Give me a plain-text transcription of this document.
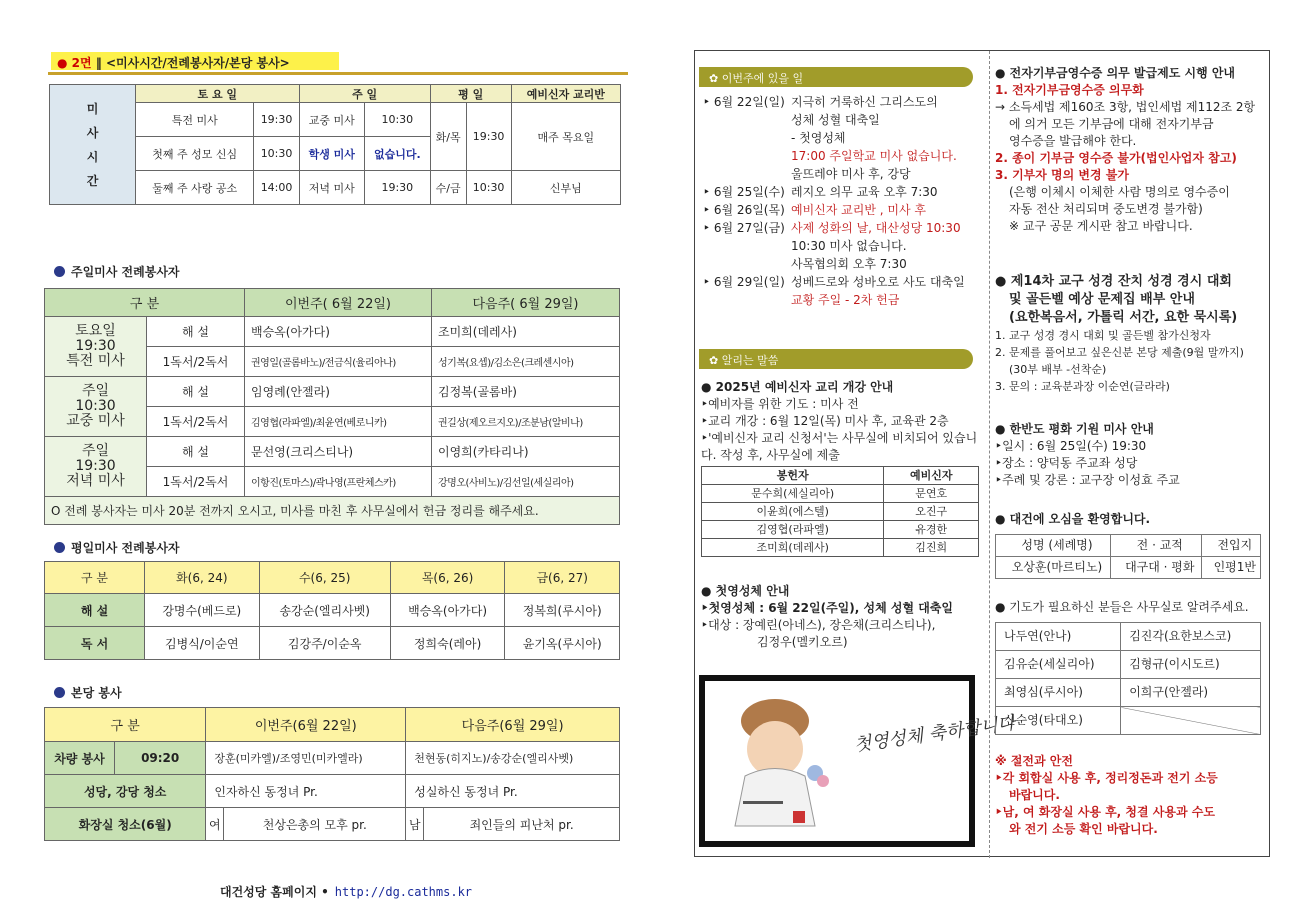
● 2면 ‖ <미사시간/전례봉사자/본당 봉사>
미
사
시
간	토 요 일		주 일		평 일		예비신자 교리반
	특전 미사	19:30	교중 미사	10:30	화/목	19:30	매주 목요일
	첫째 주 성모 신심	10:30	학생 미사	없습니다.			
	둘째 주 사랑 공소	14:00	저녁 미사	19:30	수/금	10:30	신부님
주일미사 전례봉사자
구 분		이번주( 6월 22일)	다음주( 6월 29일)
토요일
19:30
특전 미사	해 설	백승옥(아가다)	조미희(데레사)
	1독서/2독서	권영일(골롬바노)/전금식(율리아나)	성기복(요셉)/김소은(크레센시아)
주일
10:30
교중 미사	해 설	임영례(안젤라)	김정복(골롬바)
	1독서/2독서	김영협(라파엘)/최윤연(베로니카)	권길상(제오르지오)/조분남(알비나)
주일
19:30
저녁 미사	해 설	문선영(크리스티나)	이영희(카타리나)
	1독서/2독서	이항진(토마스)/곽나영(프란체스카)	강명오(사비노)/김선일(세실리아)
O 전례 봉사자는 미사 20분 전까지 오시고, 미사를 마친 후 사무실에서 헌금 정리를 해주세요.			
평일미사 전례봉사자
구 분	화(6, 24)	수(6, 25)	목(6, 26)	금(6, 27)
해 설	강명수(베드로)	송강순(엘리사벳)	백승옥(아가다)	정복희(루시아)
독 서	김병식/이순연	김강주/이순옥	정희숙(레아)	윤기옥(루시아)
본당 봉사
구 분		이번주(6월 22일)		다음주(6월 29일)	
차량 봉사	09:20	장훈(미카엘)/조영민(미카엘라)		천현동(히지노)/송강순(엘리사벳)	
성당, 강당 청소		인자하신 동정녀 Pr.		성실하신 동정녀 Pr.	
화장실 청소(6월)		여	천상은총의 모후 pr.	남	죄인들의 피난처 pr.
대건성당 홈페이지 • http://dg.cathms.kr
✿ 이번주에 있을 일
‣ 6월 22일(일) 지극히 거룩하신 그리스도의
성체 성혈 대축일
- 첫영성체
17:00 주일학교 미사 없습니다.
울뜨레야 미사 후, 강당
‣ 6월 25일(수) 레지오 의무 교육 오후 7:30
‣ 6월 26일(목) 예비신자 교리반 , 미사 후
‣ 6월 27일(금) 사제 성화의 날, 대산성당 10:30
10:30 미사 없습니다.
사목협의회 오후 7:30
‣ 6월 29일(일) 성베드로와 성바오로 사도 대축일
교황 주일 - 2차 헌금
✿ 알리는 말씀
● 2025년 예비신자 교리 개강 안내
‣예비자를 위한 기도 : 미사 전
‣교리 개강 : 6월 12일(목) 미사 후, 교육관 2층
‣'예비신자 교리 신청서'는 사무실에 비치되어 있습니다. 작성 후, 사무실에 제출
봉헌자	예비신자
문수희(세실리아)	문연호
이윤희(에스텔)	오진구
김영협(라파엘)	유경한
조미희(데레사)	김진희
● 첫영성체 안내
‣첫영성체 : 6월 22일(주일), 성체 성혈 대축일
‣대상 : 장예린(아네스), 장은채(크리스티나),
김정우(멜키오르)
첫영성체 축하합니다
● 전자기부금영수증 의무 발급제도 시행 안내
1. 전자기부금영수증 의무화
→ 소득세법 제160조 3항, 법인세법 제112조 2항
에 의거 모든 기부금에 대해 전자기부금
영수증을 발급해야 한다.
2. 종이 기부금 영수증 불가(법인사업자 참고)
3. 기부자 명의 변경 불가
(은행 이체시 이체한 사람 명의로 영수증이
자동 전산 처리되며 중도변경 불가함)
※ 교구 공문 게시판 참고 바랍니다.
● 제14차 교구 성경 잔치 성경 경시 대회
및 골든벨 예상 문제집 배부 안내
(요한복음서, 가톨릭 서간, 요한 묵시록)
1. 교구 성경 경시 대회 및 골든벨 참가신청자
2. 문제를 풀어보고 싶은신분 본당 제출(9월 말까지)
(30부 배부 -선착순)
3. 문의 : 교육분과장 이순연(글라라)
● 한반도 평화 기원 미사 안내
‣일시 : 6월 25일(수) 19:30
‣장소 : 양덕동 주교좌 성당
‣주례 및 강론 : 교구장 이성효 주교
● 대건에 오심을 환영합니다.
성명 (세례명)	전 · 교적	전입지
오상훈(마르티노)	대구대 · 평화	인평1반
● 기도가 필요하신 분들은 사무실로 알려주세요.
나두연(안나)	김진각(요한보스코)
김유순(세실리아)	김형규(이시도르)
최영심(루시아)	이희구(안젤라)
신순영(타대오)	
※ 절전과 안전
‣각 회합실 사용 후, 정리정돈과 전기 소등
바랍니다.
‣남, 여 화장실 사용 후, 청결 사용과 수도
와 전기 소등 확인 바랍니다.
